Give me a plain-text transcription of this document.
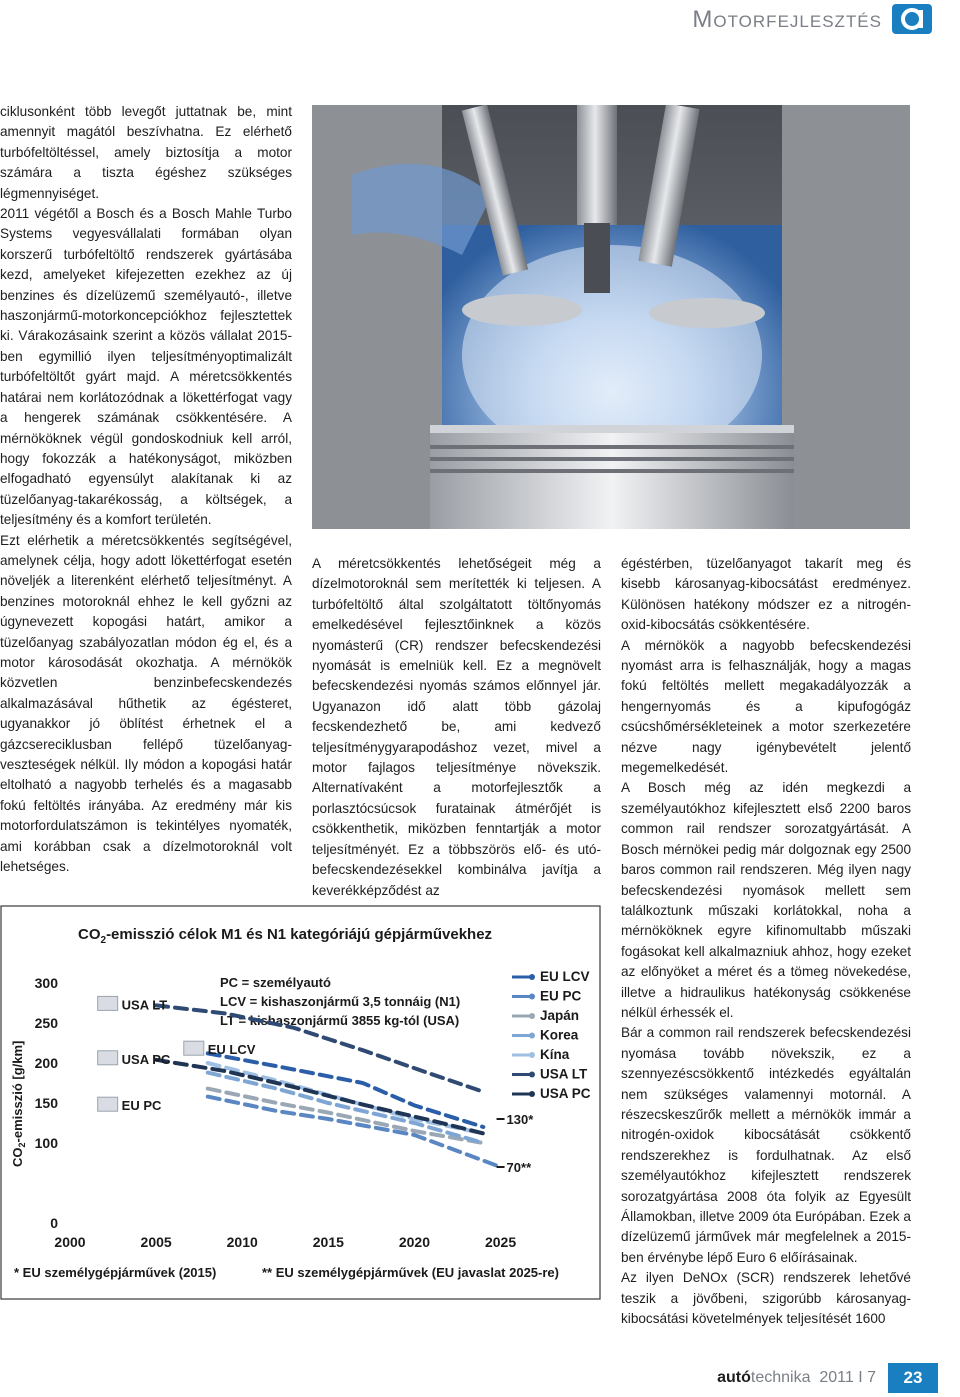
Motorfejlesztés

ciklusonként több levegőt juttatnak be, mint amennyit magától beszívhatna. Ez elérhető turbófeltöltéssel, amely biztosítja a motor számára a tiszta égéshez szükséges légmennyiséget.

2011 végétől a Bosch és a Bosch Mahle Turbo Systems vegyesvállalati formában olyan korszerű turbófeltöltő rendszerek gyártásába kezd, amelyeket kifejezetten ezekhez az új benzines és dízelüzemű személyautó-, illetve haszonjármű-motorkoncepciókhoz fejlesztettek ki. Várakozásaink szerint a közös vállalat 2015-ben egymillió ilyen teljesítményoptimalizált turbófeltöltőt gyárt majd. A méretcsökkentés határai nem korlátozódnak a lökettérfogat vagy a hengerek számának csökkentésére. A mérnököknek végül gondoskodniuk kell arról, hogy fokozzák a hatékonyságot, miközben elfogadható egyensúlyt alakítanak ki az tüzelőanyag-takarékosság, a költségek, a teljesítmény és a komfort területén.

Ezt elérhetik a méretcsökkentés segítségével, amelynek célja, hogy adott lökettérfogat esetén növeljék a literenként elérhető teljesítményt. A benzines motoroknál ehhez le kell győzni az úgynevezett kopogási határt, amikor a tüzelőanyag szabályozatlan módon ég el, és a motor károsodását okozhatja. A mérnökök közvetlen benzinbefecskendezés alkalmazásával hűthetik az égésteret, ugyanakkor jó öblítést érhetnek el a gázcsereciklusban fellépő tüzelőanyag-veszteségek nélkül. Ily módon a kopogási határ eltolható a nagyobb terhelés és a magasabb fokú feltöltés irányába. Az eredmény már kis motorfordulatszámon is tekintélyes nyomaték, ami korábban csak a dízelmotoroknál volt lehetséges.

A méretcsökkentés lehetőségeit még a dízelmotoroknál sem merítették ki teljesen. A turbófeltöltő által szolgáltatott töltőnyomás emelkedésével fejlesztőinknek a közös nyomásterű (CR) rendszer befecskendezési nyomását is emelniük kell. Ez a megnövelt befecskendezési nyomás számos előnnyel jár. Ugyanazon idő alatt több gázolaj fecskendezhető be, ami kedvező teljesítménygyarapodáshoz vezet, mivel a motor fajlagos teljesítménye növekszik. Alternatívaként a motorfejlesztők a porlasztócsúcsok furatainak átmérőjét is csökkenthetik, miközben fenntartják a motor teljesítményét. Ez a többszörös elő- és utó-befecskendezésekkel kombinálva javítja a keverékképződést az

égéstérben, tüzelőanyagot takarít meg és kisebb károsanyag-kibocsátást eredményez. Különösen hatékony módszer ez a nitrogén-oxid-kibocsátás csökkentésére.

A mérnökök a nagyobb befecskendezési nyomást arra is felhasználják, hogy a magas fokú feltöltés mellett megakadályozzák a hengernyomás és a kipufogógáz csúcshőmérsékleteinek a motor szerkezetére nézve nagy igénybevételt jelentő megemelkedését.

A Bosch még az idén megkezdi a személyautókhoz kifejlesztett első 2200 baros common rail rendszer sorozatgyártását. A Bosch mérnökei pedig már dolgoznak egy 2500 baros common rail rendszeren. Még ilyen nagy befecskendezési nyomások mellett sem találkoztunk műszaki korlátokkal, noha a mérnököknek egyre kifinomultabb műszaki fogásokat kell alkalmazniuk ahhoz, hogy ezeket az előnyöket a méret és a tömeg növekedése, illetve a hidraulikus hatékonyság csökkenése nélkül érhessék el.

Bár a common rail rendszerek befecskendezési nyomása tovább növekszik, ez a szennyezéscsökkentő intézkedés egyáltalán nem szükséges valamennyi motornál. A részecskeszűrők mellett a mérnökök immár a nitrogén-oxidok kibocsátását csökkentő rendszerekhez is fordulhatnak. Az első személyautókhoz kifejlesztett rendszerek sorozatgyártása 2008 óta folyik az Egyesült Államokban, illetve 2009 óta Európában. Ezek a dízelüzemű járművek már megfelelnek a 2015-ben érvénybe lépő Euro 6 előírásainak.

Az ilyen DeNOx (SCR) rendszerek lehetővé teszik a jövőbeni, szigorúbb károsanyag-kibocsátási követelmények teljesítését 1600

$CO_2$-emisszió célok M1 és N1 kategóriájú gépjárművekhez
$CO_2$-emisszió [g/km]
PC = személyautó
LCV = kishaszonjármű 3,5 tonnáig (N1)
LT = kishaszonjármű 3855 kg-tól (USA)
USA LT
USA PC
EU LCV
EU PC
130*
70**
EU LCV
EU PC
Japán
Korea
Kína
USA LT
USA PC
0
100
150
200
250
300
2000	2005	2010	2015	2020	2025
* EU személygépjárművek (2015)	** EU személygépjárművek (EU javaslat 2025-re)
autótechnika 2011 I 7	23
